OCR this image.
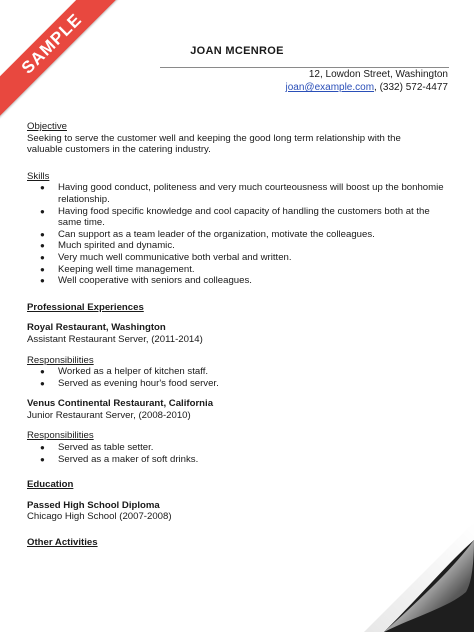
SAMPLE	JOAN MCENROE
12, Lowdon Street, Washington
joan@example.com, (332) 572-4477

Objective

Seeking to serve the customer well and keeping the good long term relationship with the

valuable customers in the catering industry.

Skills

● Having good conduct, politeness and very much courteousness will boost up the bonhomie relationship.
● Having food specific knowledge and cool capacity of handling the customers both at the same time.
● Can support as a team leader of the organization, motivate the colleagues.
● Much spirited and dynamic.
● Very much well communicative both verbal and written.
● Keeping well time management.
● Well cooperative with seniors and colleagues.

Professional Experiences

Royal Restaurant, Washington

Assistant Restaurant Server, (2011-2014)

Responsibilities

● Worked as a helper of kitchen staff.
● Served as evening hour's food server.

Venus Continental Restaurant, California

Junior Restaurant Server, (2008-2010)

Responsibilities

● Served as table setter.
● Served as a maker of soft drinks.

Education

Passed High School Diploma

Chicago High School (2007-2008)

Other Activities
